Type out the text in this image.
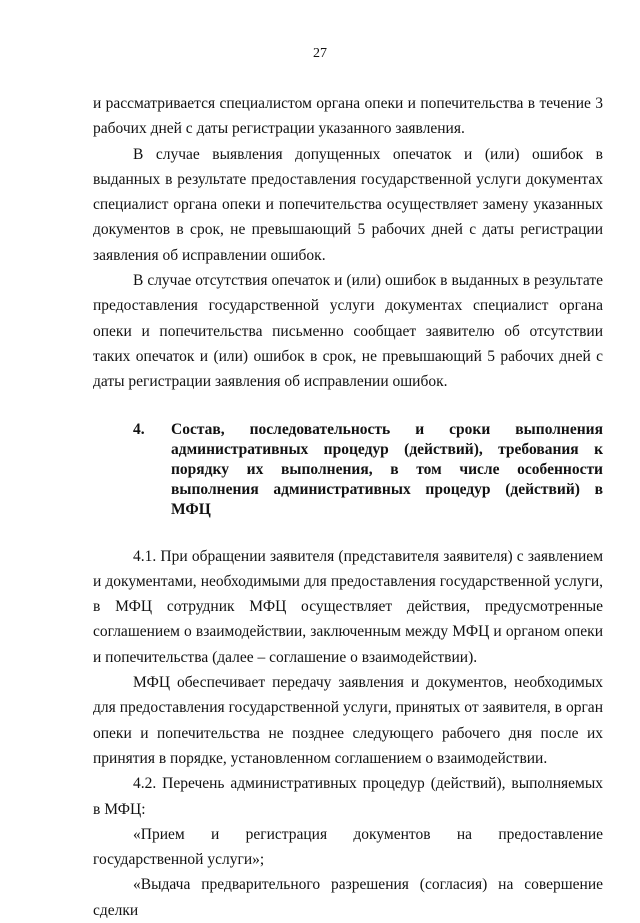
27

и рассматривается специалистом органа опеки и попечительства в течение 3 рабочих дней с даты регистрации указанного заявления.

В случае выявления допущенных опечаток и (или) ошибок в выданных в результате предоставления государственной услуги документах специалист органа опеки и попечительства осуществляет замену указанных документов в срок, не превышающий 5 рабочих дней с даты регистрации заявления об исправлении ошибок.

В случае отсутствия опечаток и (или) ошибок в выданных в результате предоставления государственной услуги документах специалист органа опеки и попечительства письменно сообщает заявителю об отсутствии таких опечаток и (или) ошибок в срок, не превышающий 5 рабочих дней с даты регистрации заявления об исправлении ошибок.

4.	Состав, последовательность и сроки выполнения административных процедур (действий), требования к порядку их выполнения, в том числе особенности выполнения административных процедур (действий) в МФЦ

4.1. При обращении заявителя (представителя заявителя) с заявлением и документами, необходимыми для предоставления государственной услуги, в МФЦ сотрудник МФЦ осуществляет действия, предусмотренные соглашением о взаимодействии, заключенным между МФЦ и органом опеки и попечительства (далее – соглашение о взаимодействии).

МФЦ обеспечивает передачу заявления и документов, необходимых для предоставления государственной услуги, принятых от заявителя, в орган опеки и попечительства не позднее следующего рабочего дня после их принятия в порядке, установленном соглашением о взаимодействии.

4.2. Перечень административных процедур (действий), выполняемых в МФЦ:

«Прием и регистрация документов на предоставление государственной услуги»;

«Выдача предварительного разрешения (согласия) на совершение сделки
